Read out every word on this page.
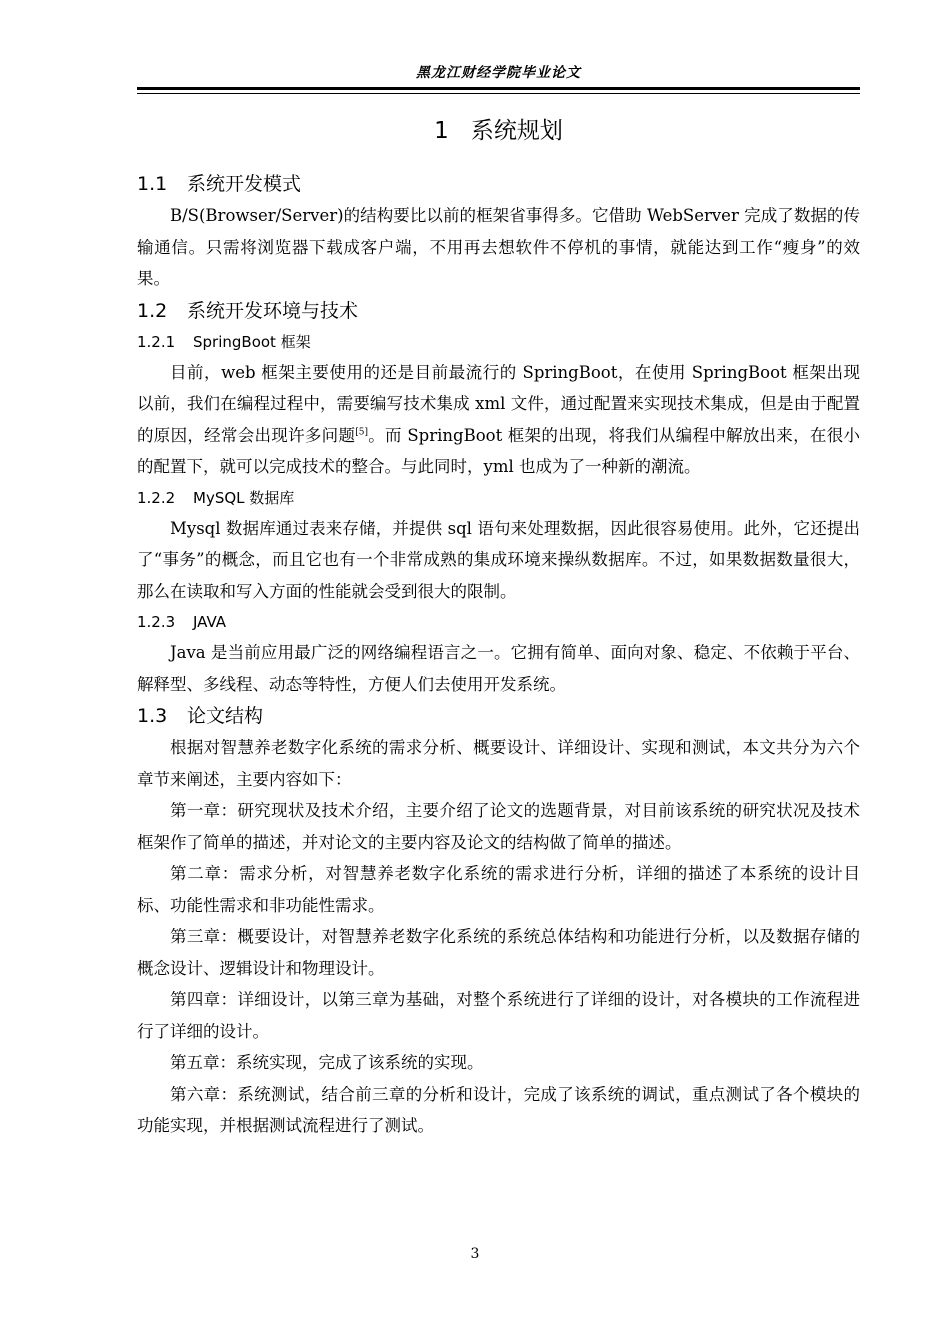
黑龙江财经学院毕业论文
1 系统规划
1.1 系统开发模式

B/S(Browser/Server)的结构要比以前的框架省事得多。它借助 WebServer 完成了数据的传输通信。只需将浏览器下载成客户端，不用再去想软件不停机的事情，就能达到工作“瘦身”的效果。

1.2 系统开发环境与技术
1.2.1 SpringBoot 框架

目前，web 框架主要使用的还是目前最流行的 SpringBoot，在使用 SpringBoot 框架出现以前，我们在编程过程中，需要编写技术集成 xml 文件，通过配置来实现技术集成，但是由于配置的原因，经常会出现许多问题[5]。而 SpringBoot 框架的出现，将我们从编程中解放出来，在很小的配置下，就可以完成技术的整合。与此同时，yml 也成为了一种新的潮流。

1.2.2 MySQL 数据库

Mysql 数据库通过表来存储，并提供 sql 语句来处理数据，因此很容易使用。此外，它还提出了“事务”的概念，而且它也有一个非常成熟的集成环境来操纵数据库。不过，如果数据数量很大，那么在读取和写入方面的性能就会受到很大的限制。

1.2.3 JAVA

Java 是当前应用最广泛的网络编程语言之一。它拥有简单、面向对象、稳定、不依赖于平台、解释型、多线程、动态等特性，方便人们去使用开发系统。

1.3 论文结构

根据对智慧养老数字化系统的需求分析、概要设计、详细设计、实现和测试，本文共分为六个章节来阐述，主要内容如下：

第一章：研究现状及技术介绍，主要介绍了论文的选题背景，对目前该系统的研究状况及技术框架作了简单的描述，并对论文的主要内容及论文的结构做了简单的描述。

第二章：需求分析，对智慧养老数字化系统的需求进行分析，详细的描述了本系统的设计目标、功能性需求和非功能性需求。

第三章：概要设计，对智慧养老数字化系统的系统总体结构和功能进行分析，以及数据存储的概念设计、逻辑设计和物理设计。

第四章：详细设计，以第三章为基础，对整个系统进行了详细的设计，对各模块的工作流程进行了详细的设计。

第五章：系统实现，完成了该系统的实现。

第六章：系统测试，结合前三章的分析和设计，完成了该系统的调试，重点测试了各个模块的功能实现，并根据测试流程进行了测试。

3
